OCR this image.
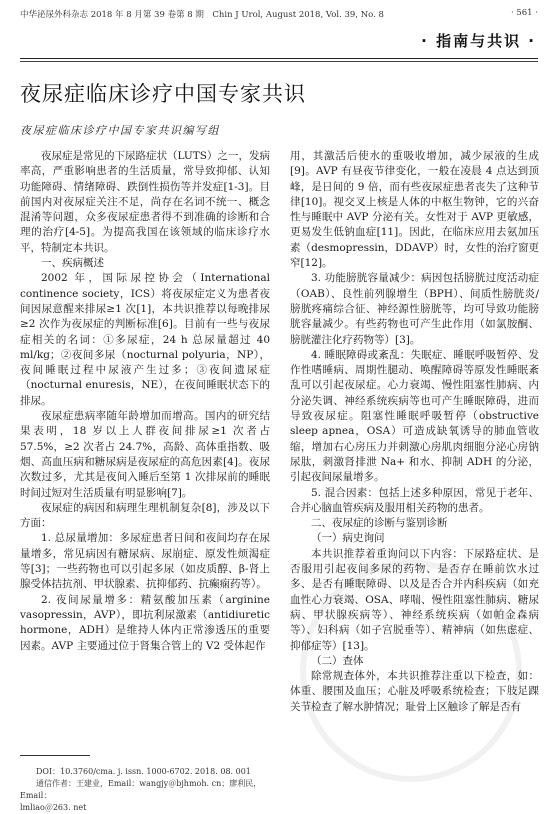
中华泌尿外科杂志 2018 年 8 月第 39 卷第 8 期　Chin J Urol, August 2018, Vol. 39, No. 8	· 561 ·
· 指南与共识 ·
夜尿症临床诊疗中国专家共识
夜尿症临床诊疗中国专家共识编写组

夜尿症是常见的下尿路症状（LUTS）之一，发病率高，严重影响患者的生活质量，常导致抑郁、认知功能障碍、情绪障碍、跌倒性损伤等并发症[1-3]。目前国内对夜尿症关注不足，尚存在名词不统一、概念混淆等问题，众多夜尿症患者得不到准确的诊断和合理的治疗[4-5]。为提高我国在该领域的临床诊疗水平，特制定本共识。

一、疾病概述

2002 年，国际尿控协会（International continence society，ICS）将夜尿症定义为患者夜间因尿意醒来排尿≥1 次[1]，本共识推荐以每晚排尿≥2 次作为夜尿症的判断标准[6]。目前有一些与夜尿症相关的名词：①多尿症，24 h 总尿量超过 40 ml/kg；②夜间多尿（nocturnal polyuria，NP），夜间睡眠过程中尿液产生过多；③夜间遗尿症（nocturnal enuresis，NE），在夜间睡眠状态下的排尿。

夜尿症患病率随年龄增加而增高。国内的研究结果表明，18 岁以上人群夜间排尿≥1 次者占 57.5%，≥2 次者占 24.7%，高龄、高体重指数、吸烟、高血压病和糖尿病是夜尿症的高危因素[4]。夜尿次数过多，尤其是夜间入睡后至第 1 次排尿前的睡眠时间过短对生活质量有明显影响[7]。

夜尿症的病因和病理生理机制复杂[8]，涉及以下方面：

1. 总尿量增加：多尿症患者日间和夜间均存在尿量增多，常见病因有糖尿病、尿崩症、原发性烦渴症等[3]；一些药物也可以引起多尿（如皮质醇、β-肾上腺受体拮抗剂、甲状腺素、抗抑郁药、抗癫痫药等）。

2. 夜间尿量增多：精氨酸加压素（arginine vasopressin，AVP），即抗利尿激素（antidiuretic hormone，ADH）是维持人体内正常渗透压的重要因素。AVP 主要通过位于肾集合管上的 V2 受体起作

用，其激活后使水的重吸收增加，减少尿液的生成[9]。AVP 有昼夜节律变化，一般在凌晨 4 点达到顶峰，是日间的 9 倍，而有些夜尿症患者丧失了这种节律[10]。视交叉上核是人体的中枢生物钟，它的兴奋性与睡眠中 AVP 分泌有关。女性对于 AVP 更敏感，更易发生低钠血症[11]。因此，在临床应用去氨加压素（desmopressin，DDAVP）时，女性的治疗窗更窄[12]。

3. 功能膀胱容量减少：病因包括膀胱过度活动症（OAB）、良性前列腺增生（BPH）、间质性膀胱炎/膀胱疼痛综合征、神经源性膀胱等，均可导致功能膀胱容量减少。有些药物也可产生此作用（如氯胺酮、膀胱灌注化疗药物等）[3]。

4. 睡眠障碍或紊乱：失眠症、睡眠呼吸暂停、发作性嗜睡病、周期性腿动、唤醒障碍等原发性睡眠紊乱可以引起夜尿症。心力衰竭、慢性阻塞性肺病、内分泌失调、神经系统疾病等也可产生睡眠障碍，进而导致夜尿症。阻塞性睡眠呼吸暂停（obstructive sleep apnea，OSA）可造成缺氧诱导的肺血管收缩，增加右心房压力并刺激心房肌肉细胞分泌心房钠尿肽，刺激肾排泄 Na+ 和水、抑制 ADH 的分泌，引起夜间尿量增多。

5. 混合因素：包括上述多种原因，常见于老年、合并心脑血管疾病及服用相关药物的患者。

二、夜尿症的诊断与鉴别诊断

（一）病史询问

本共识推荐着重询问以下内容：下尿路症状、是否服用引起夜间多尿的药物、是否存在睡前饮水过多、是否有睡眠障碍、以及是否合并内科疾病（如充血性心力衰竭、OSA、哮喘、慢性阻塞性肺病、糖尿病、甲状腺疾病等）、神经系统疾病（如帕金森病等）、妇科病（如子宫脱垂等）、精神病（如焦虑症、抑郁症等）[13]。

（二）查体

除常规查体外，本共识推荐注重以下检查，如：体重、腰围及血压；心脏及呼吸系统检查；下肢足踝关节检查了解水肿情况；耻骨上区触诊了解是否有

DOI：10.3760/cma. j. issn. 1000-6702. 2018. 08. 001
通信作者：王建业，Email：wangjy＠bjhmoh. cn；廖利民，Email：
lmliao＠263. net
